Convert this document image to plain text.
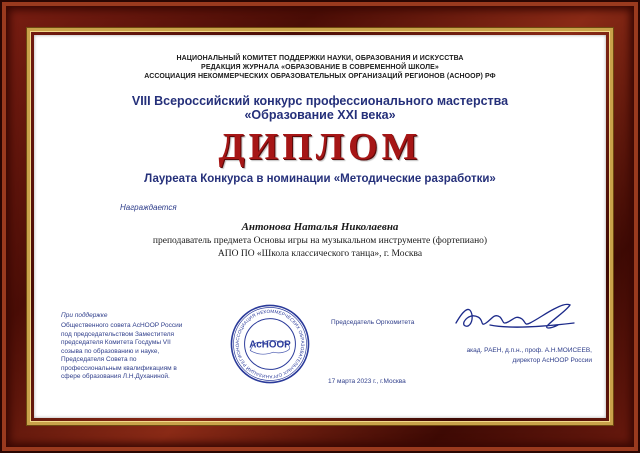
НАЦИОНАЛЬНЫЙ КОМИТЕТ ПОДДЕРЖКИ НАУКИ, ОБРАЗОВАНИЯ И ИСКУССТВА
РЕДАКЦИЯ ЖУРНАЛА «ОБРАЗОВАНИЕ В СОВРЕМЕННОЙ ШКОЛЕ»
АССОЦИАЦИЯ НЕКОММЕРЧЕСКИХ ОБРАЗОВАТЕЛЬНЫХ ОРГАНИЗАЦИЙ РЕГИОНОВ (АСНООР) РФ
VIII Всероссийский конкурс профессионального мастерства
«Образование XXI века»
ДИПЛОМ
Лауреата Конкурса в номинации «Методические разработки»
Награждается
Антонова Наталья Николаевна
преподаватель предмета Основы игры на музыкальном инструменте (фортепиано)
АПО ПО «Школа классического танца», г. Москва
При поддержке
Общественного совета АсНООР России
под председательством Заместителя
председателя Комитета Госдумы VII
созыва по образованию и науке,
Председателя Совета по
профессиональным квалификациям в
сфере образования Л.Н.Духаниной.
АССОЦИАЦИЯ НЕКОММЕРЧЕСКИХ ОБРАЗОВАТЕЛЬНЫХ ОРГАНИЗАЦИЙ РЕГИОНО АсНООР
Председатель Оргкомитета
акад. РАЕН, д.п.н., проф. А.Н.МОИСЕЕВ,
директор АсНООР России
17 марта 2023 г., г.Москва
